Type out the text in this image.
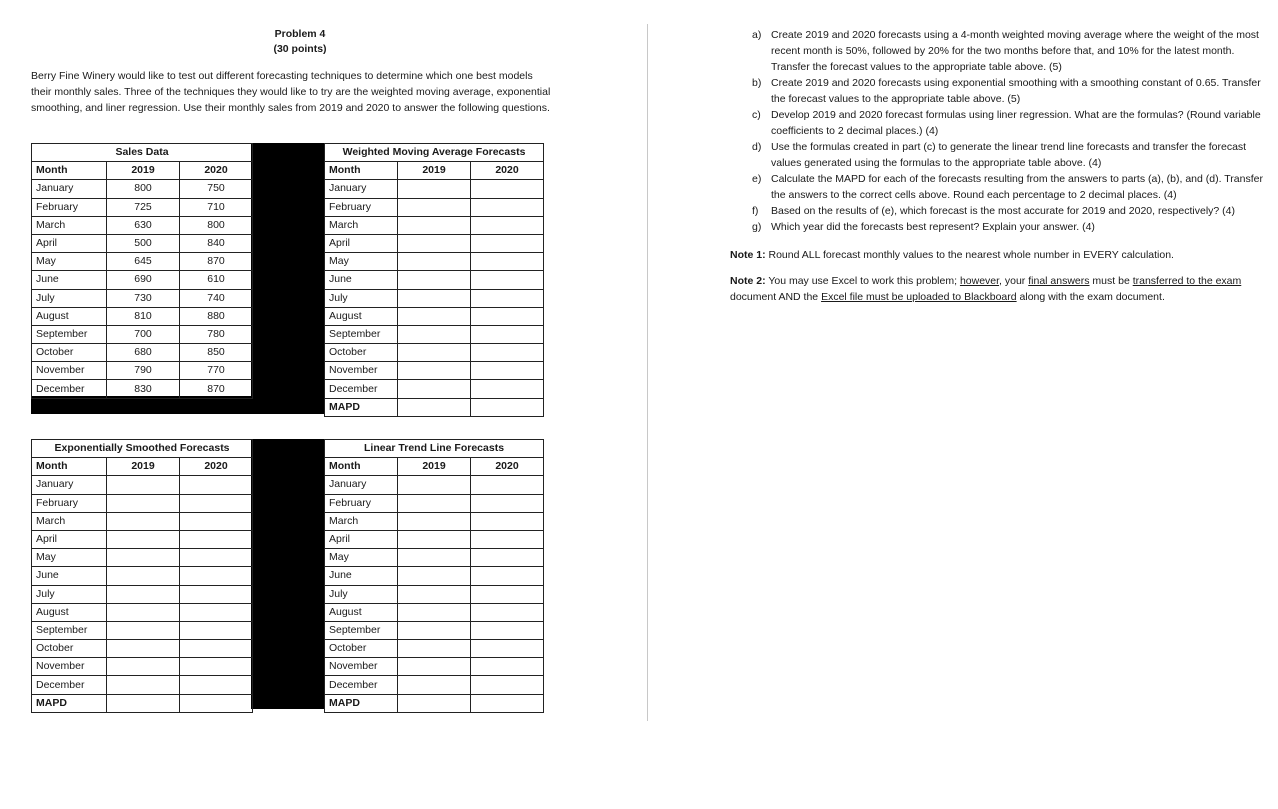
Problem 4
(30 points)
Berry Fine Winery would like to test out different forecasting techniques to determine which one best models their monthly sales. Three of the techniques they would like to try are the weighted moving average, exponential smoothing, and liner regression. Use their monthly sales from 2019 and 2020 to answer the following questions.
Sales Data		
Month	2019	2020
January	800	750
February	725	710
March	630	800
April	500	840
May	645	870
June	690	610
July	730	740
August	810	880
September	700	780
October	680	850
November	790	770
December	830	870
Weighted Moving Average Forecasts		
Month	2019	2020
January		
February		
March		
April		
May		
June		
July		
August		
September		
October		
November		
December		
MAPD		
Exponentially Smoothed Forecasts		
Month	2019	2020
January		
February		
March		
April		
May		
June		
July		
August		
September		
October		
November		
December		
MAPD		
Linear Trend Line Forecasts		
Month	2019	2020
January		
February		
March		
April		
May		
June		
July		
August		
September		
October		
November		
December		
MAPD		
a) Create 2019 and 2020 forecasts using a 4-month weighted moving average where the weight of the most recent month is 50%, followed by 20% for the two months before that, and 10% for the latest month. Transfer the forecast values to the appropriate table above. (5)
b) Create 2019 and 2020 forecasts using exponential smoothing with a smoothing constant of 0.65. Transfer the forecast values to the appropriate table above. (5)
c) Develop 2019 and 2020 forecast formulas using liner regression. What are the formulas? (Round variable coefficients to 2 decimal places.) (4)
d) Use the formulas created in part (c) to generate the linear trend line forecasts and transfer the forecast values generated using the formulas to the appropriate table above. (4)
e) Calculate the MAPD for each of the forecasts resulting from the answers to parts (a), (b), and (d). Transfer the answers to the correct cells above. Round each percentage to 2 decimal places. (4)
f)	Based on the results of (e), which forecast is the most accurate for 2019 and 2020, respectively? (4)
g) Which year did the forecasts best represent? Explain your answer. (4)
Note 1: Round ALL forecast monthly values to the nearest whole number in EVERY calculation.
Note 2: You may use Excel to work this problem; however, your final answers must be transferred to the exam document AND the Excel file must be uploaded to Blackboard along with the exam document.
